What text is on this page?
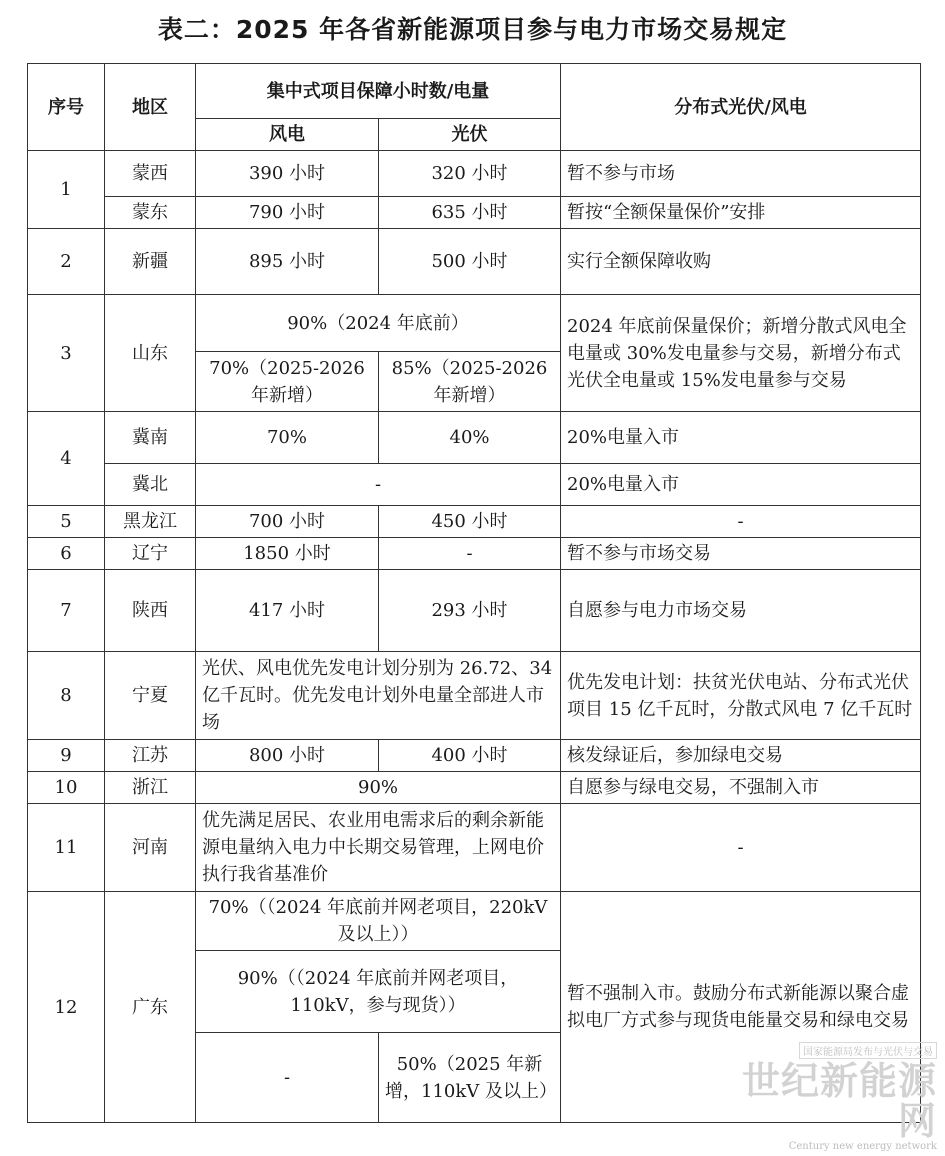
表二：2025 年各省新能源项目参与电力市场交易规定
序号	地区	集中式项目保障小时数/电量		分布式光伏/风电
		风电	光伏	
1	蒙西	390 小时	320 小时	暂不参与市场
	蒙东	790 小时	635 小时	暂按“全额保量保价”安排
2	新疆	895 小时	500 小时	实行全额保障收购
3	山东	90%（2024 年底前）		2024 年底前保量保价；新增分散式风电全电量或 30%发电量参与交易，新增分布式光伏全电量或 15%发电量参与交易
		70%（2025-2026 年新增）	85%（2025-2026 年新增）	
4	冀南	70%	40%	20%电量入市
	冀北	-		20%电量入市
5	黑龙江	700 小时	450 小时	-
6	辽宁	1850 小时	-	暂不参与市场交易
7	陕西	417 小时	293 小时	自愿参与电力市场交易
8	宁夏	光伏、风电优先发电计划分别为 26.72、34 亿千瓦时。优先发电计划外电量全部进人市场		优先发电计划：扶贫光伏电站、分布式光伏项目 15 亿千瓦时，分散式风电 7 亿千瓦时
9	江苏	800 小时	400 小时	核发绿证后，参加绿电交易
10	浙江	90%		自愿参与绿电交易，不强制入市
11	河南	优先满足居民、农业用电需求后的剩余新能源电量纳入电力中长期交易管理，上网电价执行我省基准价		-
12	广东	70%（（2024 年底前并网老项目，220kV 及以上））		暂不强制入市。鼓励分布式新能源以聚合虚拟电厂方式参与现货电能量交易和绿电交易
		90%（（2024 年底前并网老项目，110kV，参与现货））		
		-	50%（2025 年新增，110kV 及以上）	
国家能源局发布与光伏与交易
世纪新能源网
Century new energy network
